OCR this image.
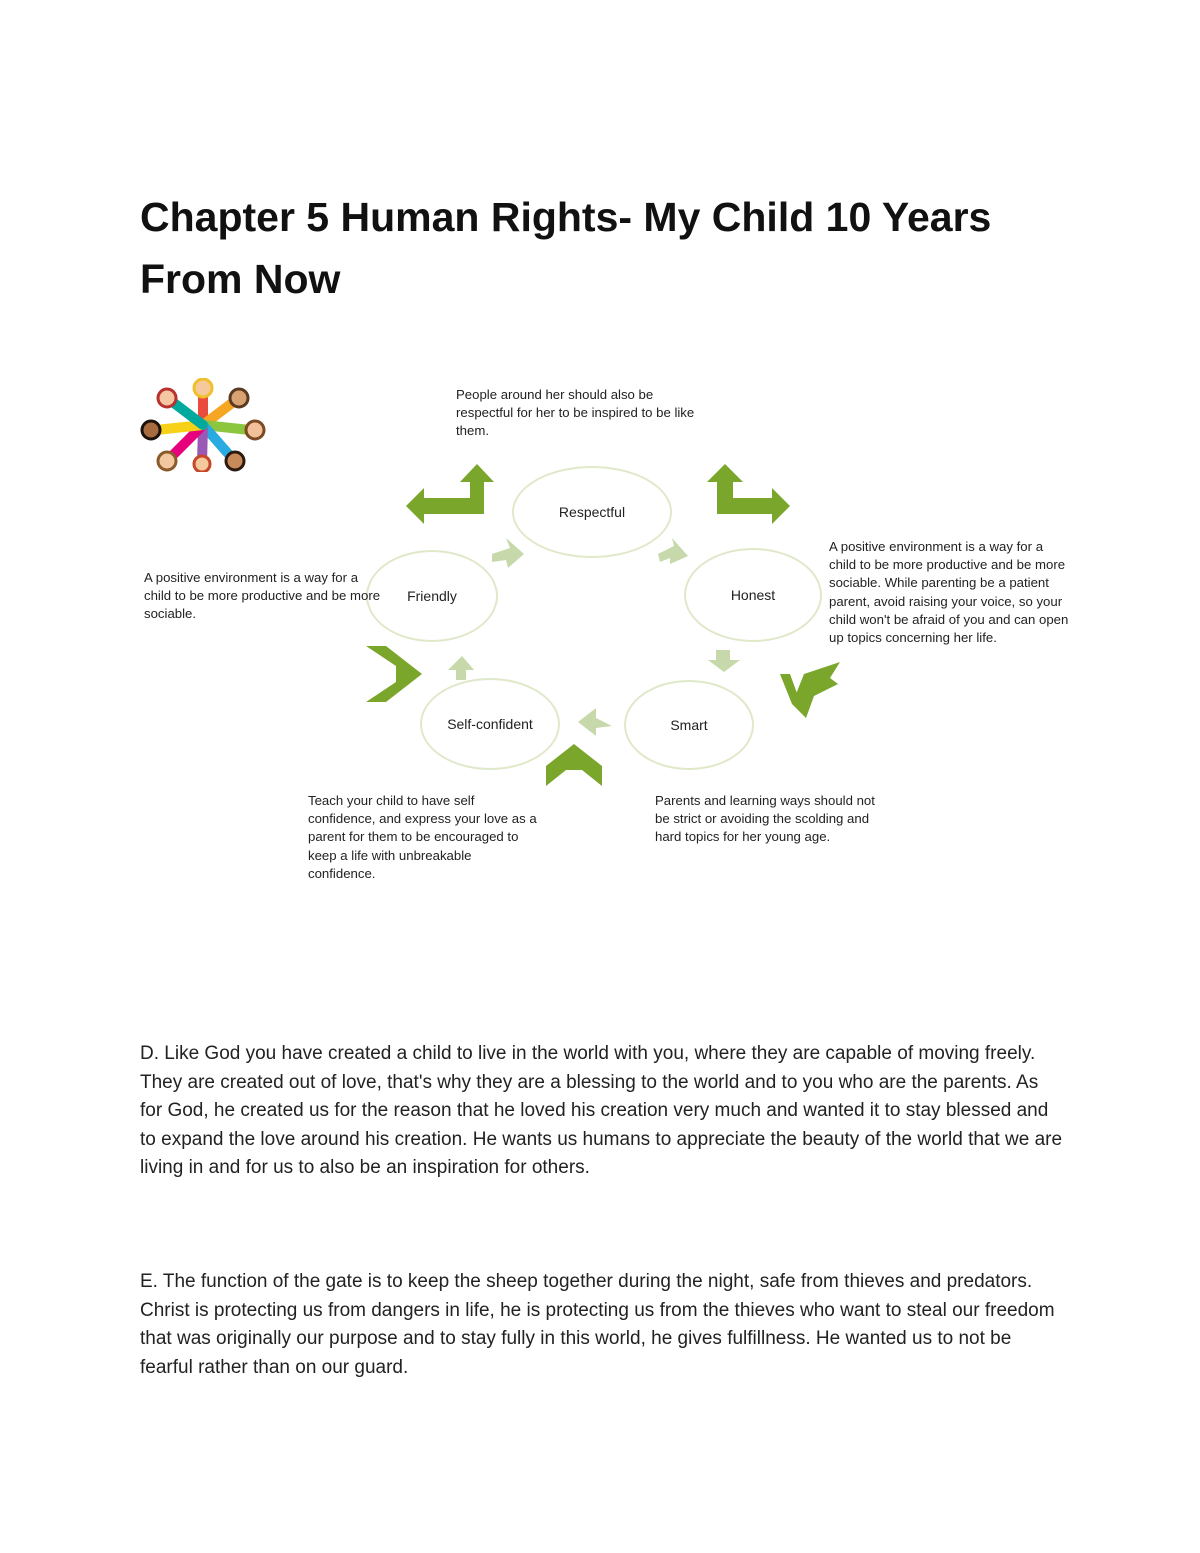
Chapter 5 Human Rights- My Child 10 Years From Now
Respectful
Honest
Smart
Self-confident
Friendly

People around her should also be respectful for her to be inspired to be like them.

A positive environment is a way for a child to be more productive and be more sociable. While parenting be a patient parent, avoid raising your voice, so your child won't be afraid of you and can open up topics concerning her life.

A positive environment is a way for a child to be more productive and be more sociable.

Teach your child to have self confidence, and express your love as a parent for them to be encouraged to keep a life with unbreakable confidence.

Parents and learning ways should not be strict or avoiding the scolding and hard topics for her young age.

D. Like God you have created a child to live in the world with you, where they are capable of moving freely. They are created out of love, that's why they are a blessing to the world and to you who are the parents. As for God, he created us for the reason that he loved his creation very much and wanted it to stay blessed and to expand the love around his creation. He wants us humans to appreciate the beauty of the world that we are living in and for us to also be an inspiration for others.

E. The function of the gate is to keep the sheep together during the night, safe from thieves and predators. Christ is protecting us from dangers in life, he is protecting us from the thieves who want to steal our freedom that was originally our purpose and to stay fully in this world, he gives fulfillness. He wanted us to not be fearful rather than on our guard.
